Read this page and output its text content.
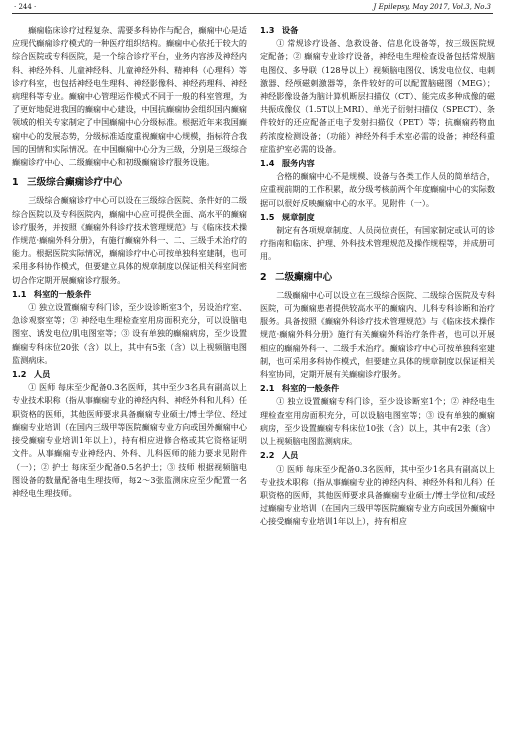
· 244 ·	J Epilepsy, May 2017, Vol.3, No.3

癫痫临床诊疗过程复杂、需要多科协作与配合，癫痫中心是适应现代癫痫诊疗模式的一种医疗组织结构。癫痫中心依托于较大的综合医院或专科医院，是一个综合诊疗平台，业务内容涉及神经内科、神经外科、儿童神经科、儿童神经外科、精神科（心理科）等诊疗科室，也包括神经电生理科、神经影像科、神经药理科、神经病理科等专业。癫痫中心管理运作模式不同于一般的科室管理，为了更好地促进我国的癫痫中心建设，中国抗癫痫协会组织国内癫痫领域的相关专家制定了中国癫痫中心分级标准。根据近年来我国癫痫中心的发展态势，分级标准适度重视癫痫中心规模，指标符合我国的国情和实际情况。在中国癫痫中心分为三级，分别是三级综合癫痫诊疗中心、二级癫痫中心和初级癫痫诊疗服务设施。

1 三级综合癫痫诊疗中心

三级综合癫痫诊疗中心可以设在三级综合医院、条件好的二级综合医院以及专科医院内，癫痫中心应可提供全面、高水平的癫痫诊疗服务，并按照《癫痫外科诊疗技术管理规范》与《临床技术操作规范·癫痫外科分册》，有施行癫痫外科一、二、三级手术治疗的能力。根据医院实际情况，癫痫诊疗中心可按单独科室建制，也可采用多科协作模式，但要建立具体的规章制度以保证相关科室间密切合作定期开展癫痫诊疗服务。

1.1 科室的一般条件

① 独立设置癫痫专科门诊，至少设诊断室3个，另设治疗室、急诊观察室等；② 神经电生理检查室用房面积充分，可以设脑电图室、诱发电位/肌电图室等；③ 设有单独的癫痫病房，至少设置癫痫专科床位20张（含）以上，其中有5张（含）以上视频脑电图监测病床。

1.2 人员

① 医师 每床至少配备0.3名医师，其中至少3名具有副高以上专业技术职称（指从事癫痫专业的神经内科、神经外科和儿科）任职资格的医师，其他医师要求具备癫痫专业硕士/博士学位、经过癫痫专业培训（在国内三级甲等医院癫痫专业方向或国外癫痫中心接受癫痫专业培训1年以上），持有相应进修合格或其它资格证明文件。从事癫痫专业神经内、外科、儿科医师的能力要求见附件（一）；② 护士 每床至少配备0.5名护士；③ 技师 根据视频脑电图设备的数量配备电生理技师，每2～3张监测床应至少配置一名神经电生理技师。

1.3 设备

① 常规诊疗设备、急救设备、信息化设备等，按三级医院规定配备；② 癫痫专业诊疗设备，神经电生理检查设备包括常规脑电图仪、多导联（128导以上）视频脑电图仪、诱发电位仪、电刺激器、经颅磁刺激器等，条件较好的可以配置脑磁图（MEG）；神经影像设备为脑计算机断层扫描仪（CT）、能完成多种成像的磁共振成像仪（1.5T以上MRI）、单光子衍射扫描仪（SPECT）、条件较好的还应配备正电子发射扫描仪（PET）等；抗癫痫药物血药浓度检测设备；（功能）神经外科手术室必需的设备；神经科重症监护室必需的设备。

1.4 服务内容

合格的癫痫中心不是规模、设备与各类工作人员的简单结合，应重视前期的工作积累，故分级考核前两个年度癫痫中心的实际数据可以很好反映癫痫中心的水平。见附件（一）。

1.5 规章制度

制定有各项规章制度、人员岗位责任，有国家制定或认可的诊疗指南和临床、护理、外科技术管理规范及操作规程等，并成册可用。

2 二级癫痫中心

二级癫痫中心可以设立在三级综合医院、二级综合医院及专科医院，可为癫痫患者提供较高水平的癫痫内、儿科专科诊断和治疗服务。具备按照《癫痫外科诊疗技术管理规范》与《临床技术操作规范·癫痫外科分册》施行有关癫痫外科治疗条件者，也可以开展相应的癫痫外科一、二级手术治疗。癫痫诊疗中心可按单独科室建制，也可采用多科协作模式，但要建立具体的规章制度以保证相关科室协同，定期开展有关癫痫诊疗服务。

2.1 科室的一般条件

① 独立设置癫痫专科门诊，至少设诊断室1个；② 神经电生理检查室用房面积充分，可以设脑电图室等；③ 设有单独的癫痫病房，至少设置癫痫专科床位10张（含）以上，其中有2张（含）以上视频脑电图监测病床。

2.2 人员

① 医师 每床至少配备0.3名医师，其中至少1名具有副高以上专业技术职称（指从事癫痫专业的神经内科、神经外科和儿科）任职资格的医师，其他医师要求具备癫痫专业硕士/博士学位和/或经过癫痫专业培训（在国内三级甲等医院癫痫专业方向或国外癫痫中心接受癫痫专业培训1年以上），持有相应
